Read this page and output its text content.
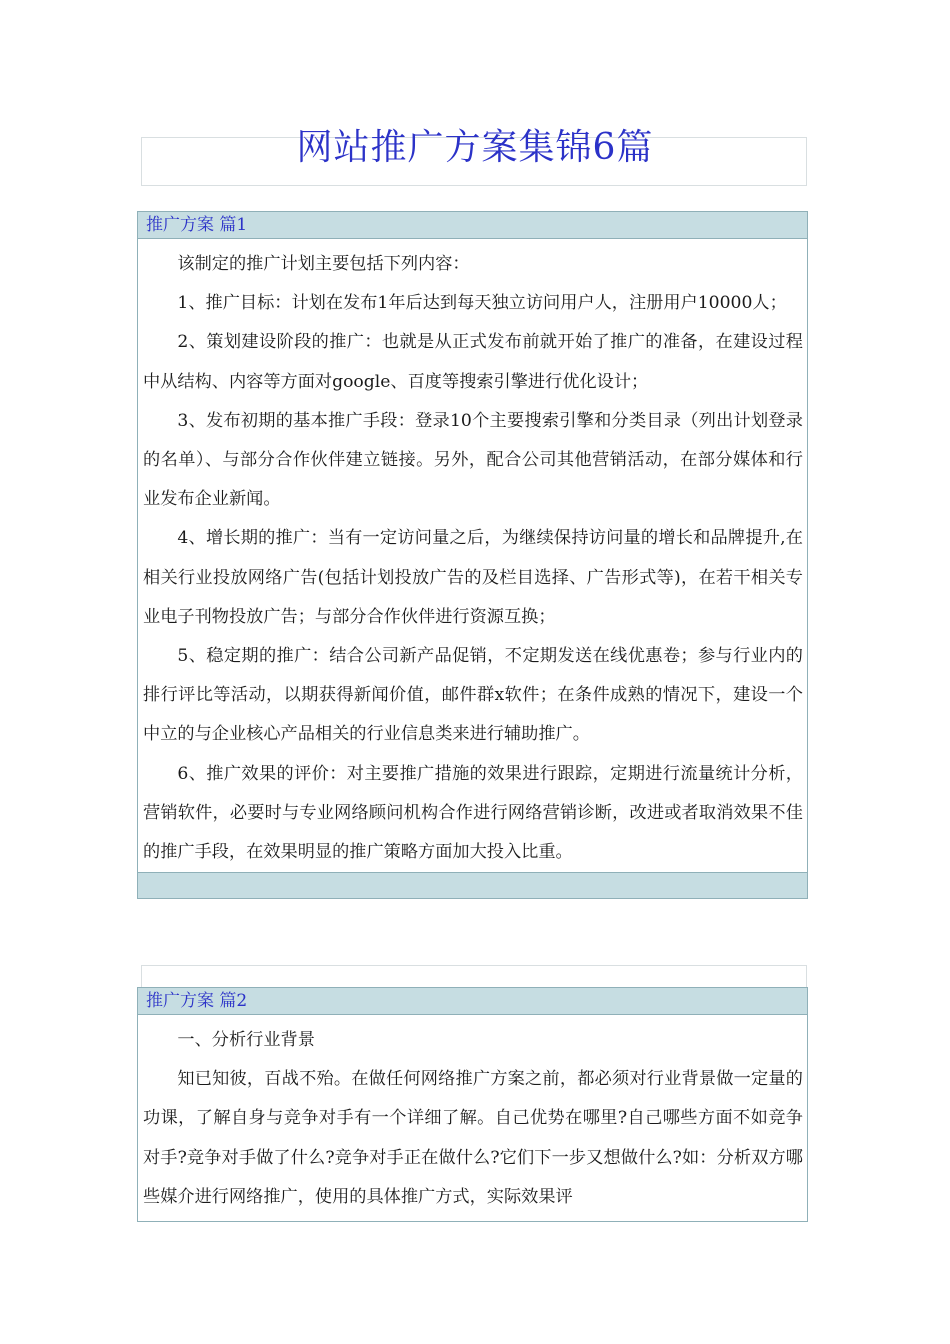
网站推广方案集锦6篇
推广方案 篇1

该制定的推广计划主要包括下列内容：

1、推广目标：计划在发布1年后达到每天独立访问用户人，注册用户10000人；

2、策划建设阶段的推广：也就是从正式发布前就开始了推广的准备，在建设过程中从结构、内容等方面对google、百度等搜索引擎进行优化设计；

3、发布初期的基本推广手段：登录10个主要搜索引擎和分类目录（列出计划登录的名单）、与部分合作伙伴建立链接。另外，配合公司其他营销活动，在部分媒体和行业发布企业新闻。

4、增长期的推广：当有一定访问量之后，为继续保持访问量的增长和品牌提升,在相关行业投放网络广告(包括计划投放广告的及栏目选择、广告形式等)，在若干相关专业电子刊物投放广告；与部分合作伙伴进行资源互换；

5、稳定期的推广：结合公司新产品促销，不定期发送在线优惠卷；参与行业内的排行评比等活动，以期获得新闻价值，邮件群x软件；在条件成熟的情况下，建设一个中立的与企业核心产品相关的行业信息类来进行辅助推广。

6、推广效果的评价：对主要推广措施的效果进行跟踪，定期进行流量统计分析，营销软件，必要时与专业网络顾问机构合作进行网络营销诊断，改进或者取消效果不佳的推广手段，在效果明显的推广策略方面加大投入比重。

推广方案 篇2

一、分析行业背景

知已知彼，百战不殆。在做任何网络推广方案之前，都必须对行业背景做一定量的功课，了解自身与竞争对手有一个详细了解。自己优势在哪里?自己哪些方面不如竞争对手?竞争对手做了什么?竞争对手正在做什么?它们下一步又想做什么?如：分析双方哪些媒介进行网络推广，使用的具体推广方式，实际效果评
